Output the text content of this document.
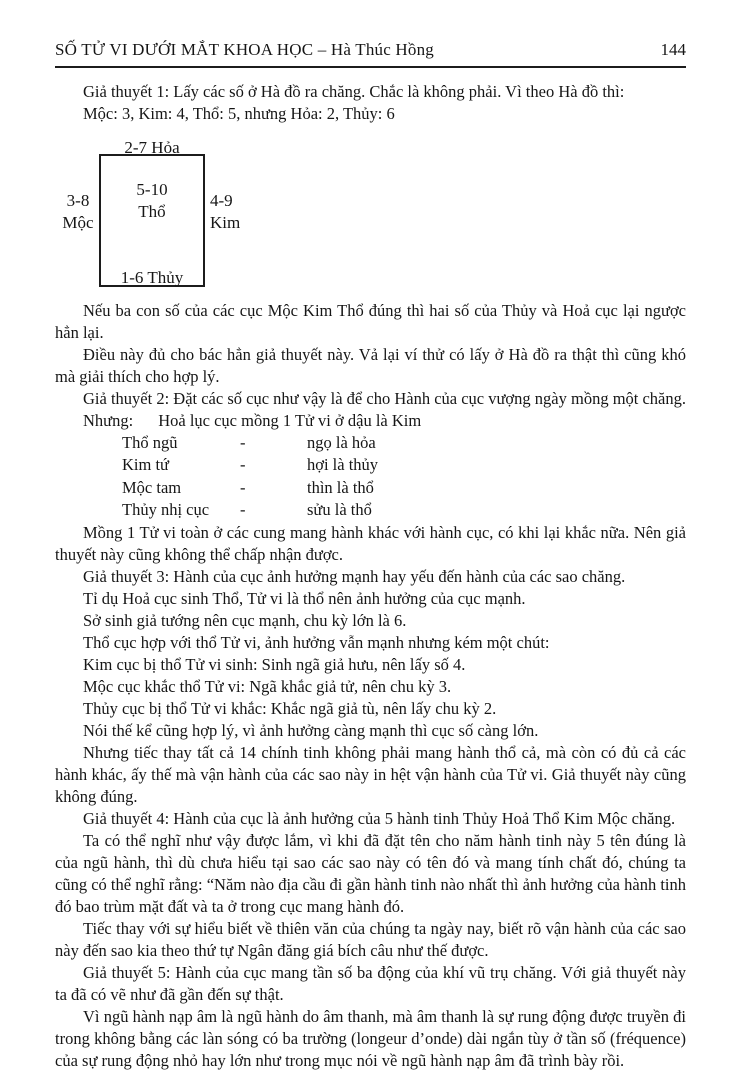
SỐ TỬ VI DƯỚI MẮT KHOA HỌC – Hà Thúc Hồng	144

Giả thuyết 1: Lấy các số ở Hà đồ ra chăng. Chắc là không phải. Vì theo Hà đồ thì:

Mộc: 3, Kim: 4, Thổ: 5, nhưng Hỏa: 2, Thủy: 6

2-7 Hỏa
5-10
Thổ
3-8
Mộc
4-9
Kim
1-6 Thủy

Nếu ba con số của các cục Mộc Kim Thổ đúng thì hai số của Thủy và Hoả cục lại ngược hẳn lại.

Điều này đủ cho bác hẳn giả thuyết này. Vả lại ví thử có lấy ở Hà đồ ra thật thì cũng khó mà giải thích cho hợp lý.

Giả thuyết 2: Đặt các số cục như vậy là để cho Hành của cục vượng ngày mồng một chăng.

Nhưng: Hoả lục cục mồng 1 Tử vi ở dậu là Kim

Thổ ngũ	-	ngọ là hỏa
Kim tứ	-	hợi là thủy
Mộc tam	-	thìn là thổ
Thủy nhị cục -	sửu là thổ

Mồng 1 Tử vi toàn ở các cung mang hành khác với hành cục, có khi lại khắc nữa. Nên giả thuyết này cũng không thể chấp nhận được.

Giả thuyết 3: Hành của cục ảnh hưởng mạnh hay yếu đến hành của các sao chăng.

Tỉ dụ Hoả cục sinh Thổ, Tử vi là thổ nên ảnh hưởng của cục mạnh.

Sở sinh giả tướng nên cục mạnh, chu kỳ lớn là 6.

Thổ cục hợp với thổ Tử vi, ảnh hưởng vẫn mạnh nhưng kém một chút:

Kim cục bị thổ Tử vi sinh: Sinh ngã giả hưu, nên lấy số 4.

Mộc cục khắc thổ Tử vi: Ngã khắc giả tử, nên chu kỳ 3.

Thủy cục bị thổ Tử vi khắc: Khắc ngã giả tù, nên lấy chu kỳ 2.

Nói thế kể cũng hợp lý, vì ảnh hưởng càng mạnh thì cục số càng lớn.

Nhưng tiếc thay tất cả 14 chính tinh không phải mang hành thổ cả, mà còn có đủ cả các hành khác, ấy thế mà vận hành của các sao này in hệt vận hành của Tử vi. Giả thuyết này cũng không đúng.

Giả thuyết 4: Hành của cục là ảnh hưởng của 5 hành tinh Thủy Hoả Thổ Kim Mộc chăng.

Ta có thể nghĩ như vậy được lắm, vì khi đã đặt tên cho năm hành tinh này 5 tên đúng là của ngũ hành, thì dù chưa hiểu tại sao các sao này có tên đó và mang tính chất đó, chúng ta cũng có thể nghĩ rằng: “Năm nào địa cầu đi gần hành tinh nào nhất thì ảnh hưởng của hành tinh đó bao trùm mặt đất và ta ở trong cục mang hành đó.

Tiếc thay với sự hiểu biết về thiên văn của chúng ta ngày nay, biết rõ vận hành của các sao này đến sao kia theo thứ tự Ngân đăng giá bích câu như thế được.

Giả thuyết 5: Hành của cục mang tần số ba động của khí vũ trụ chăng. Với giả thuyết này ta đã có vẽ như đã gần đến sự thật.

Vì ngũ hành nạp âm là ngũ hành do âm thanh, mà âm thanh là sự rung động được truyền đi trong không bằng các làn sóng có ba trường (longeur d’onde) dài ngắn tùy ở tần số (fréquence) của sự rung động nhỏ hay lớn như trong mục nói về ngũ hành nạp âm đã trình bày rồi.
